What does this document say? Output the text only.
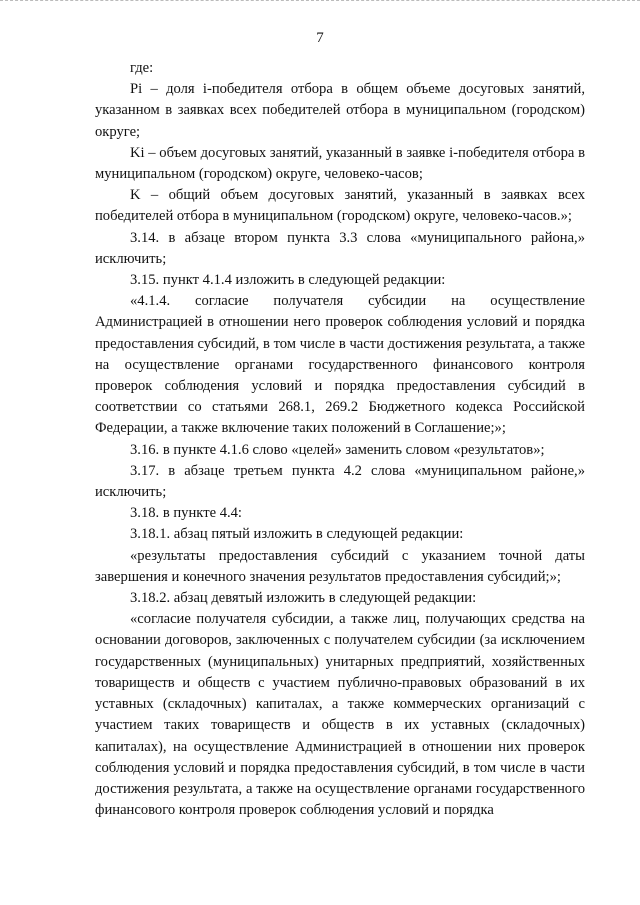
7

где:

Pi – доля i-победителя отбора в общем объеме досуговых занятий, указанном в заявках всех победителей отбора в муниципальном (городском) округе;

Ki – объем досуговых занятий, указанный в заявке i-победителя отбора в муниципальном (городском) округе, человеко-часов;

K – общий объем досуговых занятий, указанный в заявках всех победителей отбора в муниципальном (городском) округе, человеко-часов.»;

3.14. в абзаце втором пункта 3.3 слова «муниципального района,» исключить;

3.15. пункт 4.1.4 изложить в следующей редакции:

«4.1.4. согласие получателя субсидии на осуществление Администрацией в отношении него проверок соблюдения условий и порядка предоставления субсидий, в том числе в части достижения результата, а также на осуществление органами государственного финансового контроля проверок соблюдения условий и порядка предоставления субсидий в соответствии со статьями 268.1, 269.2 Бюджетного кодекса Российской Федерации, а также включение таких положений в Соглашение;»;

3.16. в пункте 4.1.6 слово «целей» заменить словом «результатов»;

3.17. в абзаце третьем пункта 4.2 слова «муниципальном районе,» исключить;

3.18. в пункте 4.4:

3.18.1. абзац пятый изложить в следующей редакции:

«результаты предоставления субсидий с указанием точной даты завершения и конечного значения результатов предоставления субсидий;»;

3.18.2. абзац девятый изложить в следующей редакции:

«согласие получателя субсидии, а также лиц, получающих средства на основании договоров, заключенных с получателем субсидии (за исключением государственных (муниципальных) унитарных предприятий, хозяйственных товариществ и обществ с участием публично-правовых образований в их уставных (складочных) капиталах, а также коммерческих организаций с участием таких товариществ и обществ в их уставных (складочных) капиталах), на осуществление Администрацией в отношении них проверок соблюдения условий и порядка предоставления субсидий, в том числе в части достижения результата, а также на осуществление органами государственного финансового контроля проверок соблюдения условий и порядка
